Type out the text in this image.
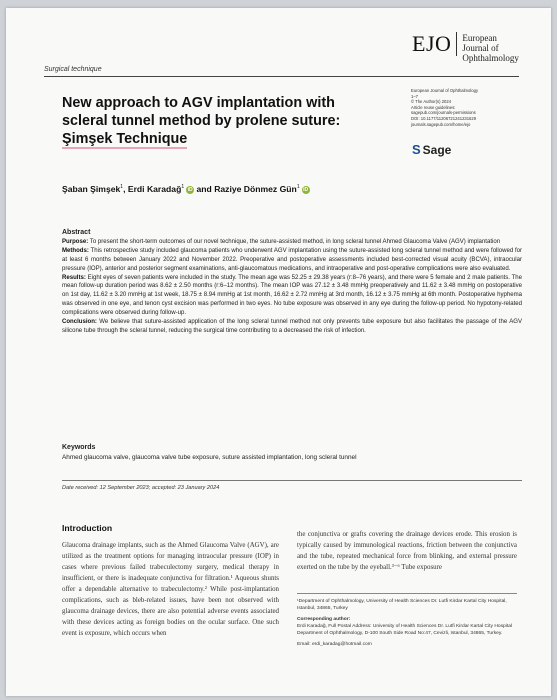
EJO	European
Journal of
Ophthalmology
Surgical technique
New approach to AGV implantation with
scleral tunnel method by prolene suture:
Şimşek Technique
European Journal of Ophthalmology
1–7
© The Author(s) 2024
Article reuse guidelines:
sagepub.com/journals-permissions
DOI: 10.1177/11206721241231629
journals.sagepub.com/home/ejo
S Sage
Şaban Şimşek$^1$, Erdi Karadağ$^1$ iD and Raziye Dönmez Gün$^1$ iD
Abstract

Purpose: To present the short-term outcomes of our novel technique, the suture-assisted method, in long scleral tunnel Ahmed Glaucoma Valve (AGV) implantation

Methods: This retrospective study included glaucoma patients who underwent AGV implantation using the suture-assisted long scleral tunnel method and were followed for at least 6 months between January 2022 and November 2022. Preoperative and postoperative assessments included best-corrected visual acuity (BCVA), intraocular pressure (IOP), anterior and posterior segment examinations, anti-glaucomatous medications, and intraoperative and post-operative complications were also evaluated.

Results: Eight eyes of seven patients were included in the study. The mean age was 52.25 ± 29.38 years (r:8–76 years), and there were 5 female and 2 male patients. The mean follow-up duration period was 8.62 ± 2.50 months (r:6–12 months). The mean IOP was 27.12 ± 3.48 mmHg preoperatively and 11.62 ± 3.48 mmHg on postoperative on 1st day, 11.62 ± 3.20 mmHg at 1st week, 18.75 ± 8.94 mmHg at 1st month, 16.62 ± 2.72 mmHg at 3rd month, 16.12 ± 3.75 mmHg at 6th month. Postoperative hyphema was observed in one eye, and tenon cyst excision was performed in two eyes. No tube exposure was observed in any eye during the follow-up period. No hypotony-related complications were observed during follow-up.

Conclusion: We believe that suture-assisted application of the long scleral tunnel method not only prevents tube exposure but also facilitates the passage of the AGV silicone tube through the scleral tunnel, reducing the surgical time contributing to a decreased the risk of infection.

Keywords
Ahmed glaucoma valve, glaucoma valve tube exposure, suture assisted implantation, long scleral tunnel
Date received: 12 September 2023; accepted: 23 January 2024
Introduction

Glaucoma drainage implants, such as the Ahmed Glaucoma Valve (AGV), are utilized as the treatment options for managing intraocular pressure (IOP) in cases where previous failed trabeculectomy surgery, medical therapy in insufficient, or there is inadequate conjunctiva for filtration.¹ Aqueous shunts offer a dependable alternative to trabeculectomy.² While post-implantation complications, such as bleb-related issues, have been not observed with glaucoma drainage devices, there are also potential adverse events associated with these devices acting as foreign bodies on the ocular surface. One such event is exposure, which occurs when

the conjunctiva or grafts covering the drainage devices erode. This erosion is typically caused by immunological reactions, friction between the conjunctiva and the tube, repeated mechanical force from blinking, and external pressure exerted on the tube by the eyeball.³⁻⁶ Tube exposure

¹Department of Ophthalmology, University of Health Sciences Dr. Lutfi Kirdar Kartal City Hospital, Istanbul, 34865, Turkey

Corresponding author:

Erdi Karadağ, Full Postal Address: University of Health Sciences Dr. Lutfi Kirdar Kartal City Hospital Department of Ophthalmology, D-100 South Side Road No:47, Cevizli, Istanbul, 34865, Turkey.

Email: erdi_karadag@hotmail.com
